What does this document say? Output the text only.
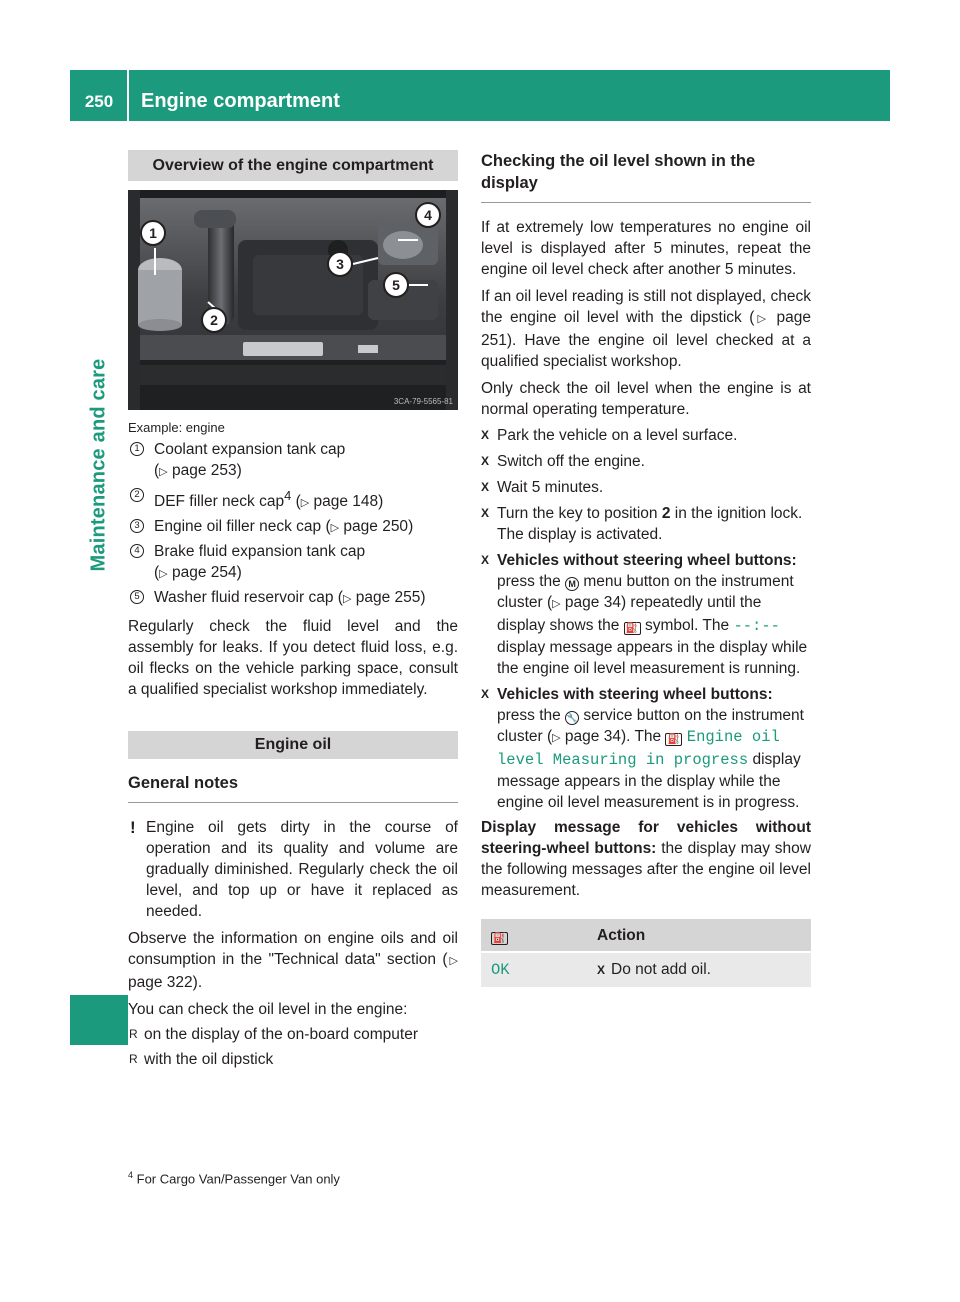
250	Engine compartment
Maintenance and care
Overview of the engine compartment
1
2
3
4
5
3CA-79-5565-81
Example: engine
1 Coolant expansion tank cap
(▷ page 253)
2 DEF filler neck cap$^4$ (▷ page 148)
3 Engine oil filler neck cap (▷ page 250)
4 Brake fluid expansion tank cap
(▷ page 254)
5 Washer fluid reservoir cap (▷ page 255)

Regularly check the fluid level and the assembly for leaks. If you detect fluid loss, e.g. oil flecks on the vehicle parking space, consult a qualified specialist workshop immediately.

Engine oil
General notes
! Engine oil gets dirty in the course of operation and its quality and volume are gradually diminished. Regularly check the oil level, and top up or have it replaced as needed.

Observe the information on engine oils and oil consumption in the "Technical data" section (▷ page 322).

You can check the oil level in the engine:

R on the display of the on-board computer
R with the oil dipstick
Checking the oil level shown in the display

If at extremely low temperatures no engine oil level is displayed after 5 minutes, repeat the engine oil level check after another 5 minutes.

If an oil level reading is still not displayed, check the engine oil level with the dipstick (▷ page 251). Have the engine oil level checked at a qualified specialist workshop.

Only check the oil level when the engine is at normal operating temperature.

X Park the vehicle on a level surface.
X Switch off the engine.
X Wait 5 minutes.
X Turn the key to position 2 in the ignition lock.
The display is activated.
X Vehicles without steering wheel buttons: press the M menu button on the instrument cluster (▷ page 34) repeatedly until the display shows the ⛽ symbol. The --:-- display message appears in the display while the engine oil level measurement is running.
X Vehicles with steering wheel buttons: press the 🔧 service button on the instrument cluster (▷ page 34). The ⛽ Engine oil level Measuring in progress display message appears in the display while the engine oil level measurement is in progress.

Display message for vehicles without steering-wheel buttons: the display may show the following messages after the engine oil level measurement.

⛽	Action
OK	X Do not add oil.
$^4$ For Cargo Van/Passenger Van only
